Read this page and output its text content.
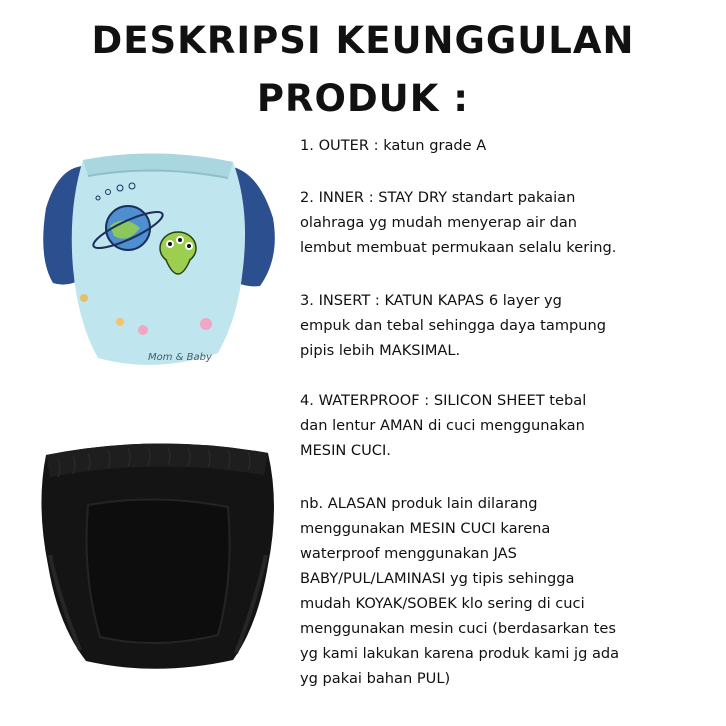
DESKRIPSI KEUNGGULAN
PRODUK :
Mom & Baby
1. OUTER : katun grade A
2. INNER : STAY DRY standart pakaian
olahraga yg mudah menyerap air dan
lembut membuat permukaan selalu kering.
3. INSERT : KATUN KAPAS 6 layer yg
empuk dan tebal sehingga daya tampung
pipis lebih MAKSIMAL.
4. WATERPROOF : SILICON SHEET tebal
dan lentur AMAN di cuci menggunakan
MESIN CUCI.
nb. ALASAN produk lain dilarang
menggunakan MESIN CUCI karena
waterproof menggunakan JAS
BABY/PUL/LAMINASI yg tipis sehingga
mudah KOYAK/SOBEK klo sering di cuci
menggunakan mesin cuci (berdasarkan tes
yg kami lakukan karena produk kami jg ada
yg pakai bahan PUL)
